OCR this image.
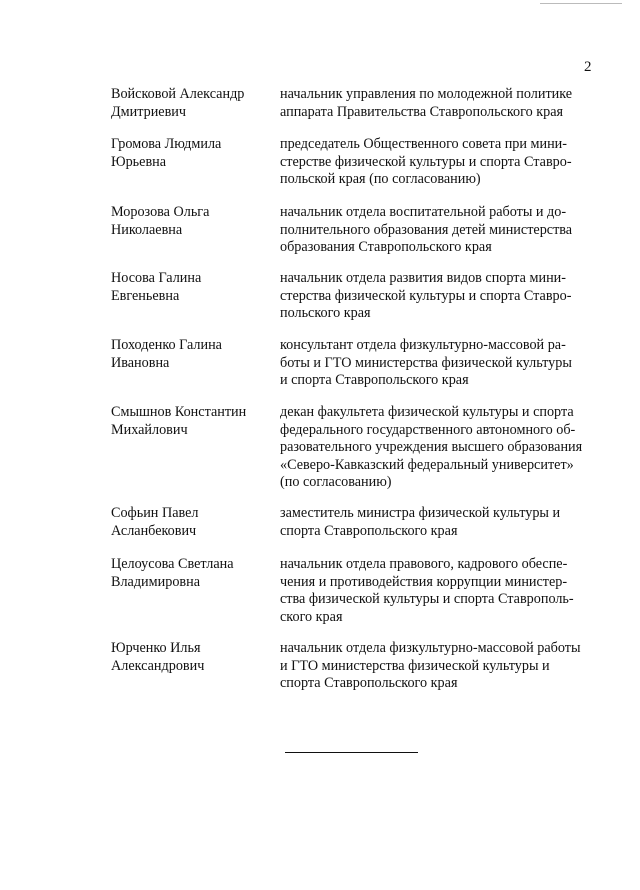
2
Войсковой Александр
Дмитриевич
начальник управления по молодежной политике
аппарата Правительства Ставропольского края
Громова Людмила
Юрьевна
председатель Общественного совета при мини-
стерстве физической культуры и спорта Ставро-
польской края (по согласованию)
Морозова Ольга
Николаевна
начальник отдела воспитательной работы и до-
полнительного образования детей министерства
образования Ставропольского края
Носова Галина
Евгеньевна
начальник отдела развития видов спорта мини-
стерства физической культуры и спорта Ставро-
польского края
Походенко Галина
Ивановна
консультант отдела физкультурно-массовой ра-
боты и ГТО министерства физической культуры
и спорта Ставропольского края
Смышнов Константин
Михайлович
декан факультета физической культуры и спорта
федерального государственного автономного об-
разовательного учреждения высшего образования
«Северо-Кавказский федеральный университет»
(по согласованию)
Софьин Павел
Асланбекович
заместитель министра физической культуры и
спорта Ставропольского края
Целоусова Светлана
Владимировна
начальник отдела правового, кадрового обеспе-
чения и противодействия коррупции министер-
ства физической культуры и спорта Ставрополь-
ского края
Юрченко Илья
Александрович
начальник отдела физкультурно-массовой работы
и ГТО министерства физической культуры и
спорта Ставропольского края
